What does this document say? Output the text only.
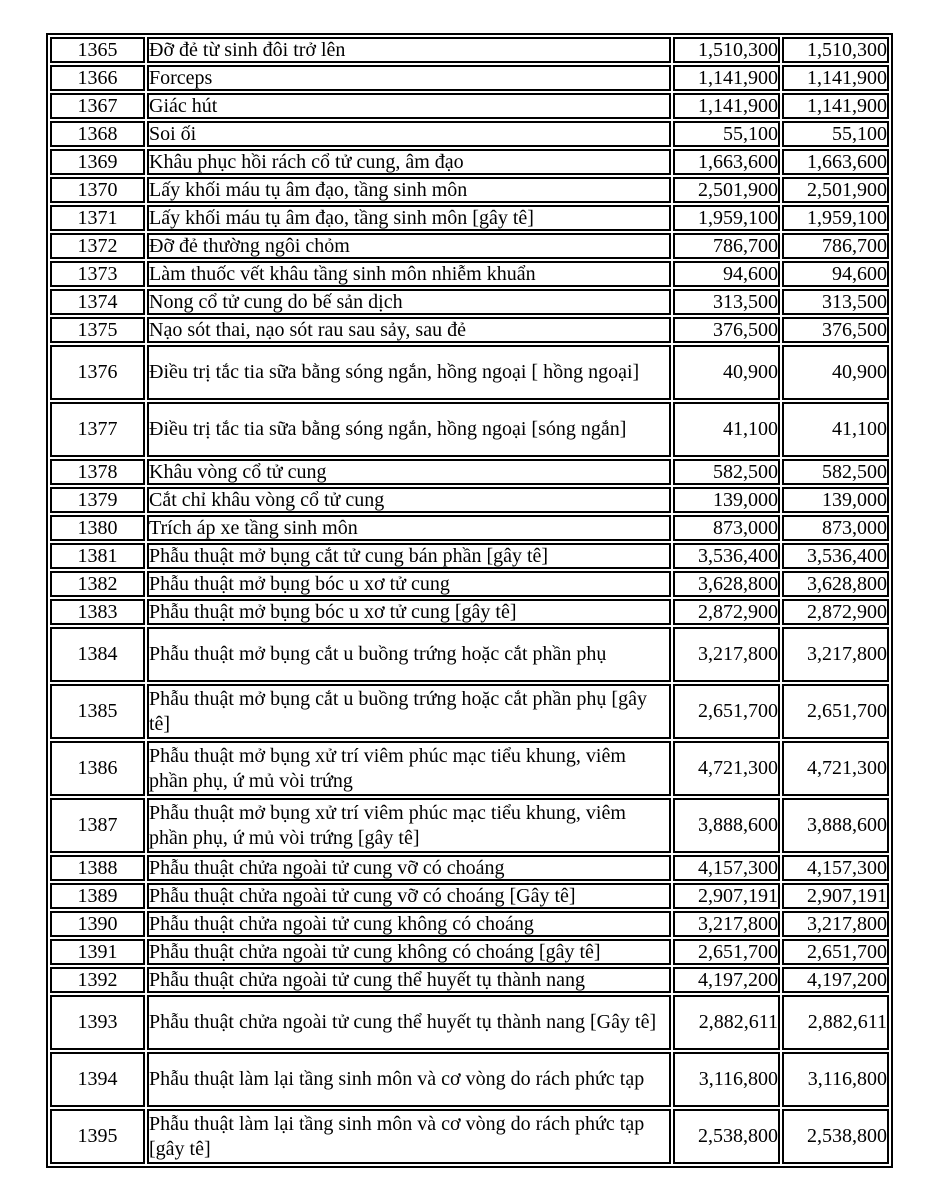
1365	Đỡ đẻ từ sinh đôi trở lên	1,510,300	1,510,300
1366	Forceps	1,141,900	1,141,900
1367	Giác hút	1,141,900	1,141,900
1368	Soi ối	55,100	55,100
1369	Khâu phục hồi rách cổ tử cung, âm đạo	1,663,600	1,663,600
1370	Lấy khối máu tụ âm đạo, tầng sinh môn	2,501,900	2,501,900
1371	Lấy khối máu tụ âm đạo, tầng sinh môn [gây tê]	1,959,100	1,959,100
1372	Đỡ đẻ thường ngôi chỏm	786,700	786,700
1373	Làm thuốc vết khâu tầng sinh môn nhiễm khuẩn	94,600	94,600
1374	Nong cổ tử cung do bế sản dịch	313,500	313,500
1375	Nạo sót thai, nạo sót rau sau sảy, sau đẻ	376,500	376,500
1376	Điều trị tắc tia sữa bằng sóng ngắn, hồng ngoại [ hồng ngoại]	40,900	40,900
1377	Điều trị tắc tia sữa bằng sóng ngắn, hồng ngoại [sóng ngắn]	41,100	41,100
1378	Khâu vòng cổ tử cung	582,500	582,500
1379	Cắt chỉ khâu vòng cổ tử cung	139,000	139,000
1380	Trích áp xe tầng sinh môn	873,000	873,000
1381	Phẫu thuật mở bụng cắt tử cung bán phần [gây tê]	3,536,400	3,536,400
1382	Phẫu thuật mở bụng bóc u xơ tử cung	3,628,800	3,628,800
1383	Phẫu thuật mở bụng bóc u xơ tử cung [gây tê]	2,872,900	2,872,900
1384	Phẫu thuật mở bụng cắt u buồng trứng hoặc cắt phần phụ	3,217,800	3,217,800
1385	Phẫu thuật mở bụng cắt u buồng trứng hoặc cắt phần phụ [gây tê]	2,651,700	2,651,700
1386	Phẫu thuật mở bụng xử trí viêm phúc mạc tiểu khung, viêm phần phụ, ứ mủ vòi trứng	4,721,300	4,721,300
1387	Phẫu thuật mở bụng xử trí viêm phúc mạc tiểu khung, viêm phần phụ, ứ mủ vòi trứng [gây tê]	3,888,600	3,888,600
1388	Phẫu thuật chửa ngoài tử cung vỡ có choáng	4,157,300	4,157,300
1389	Phẫu thuật chửa ngoài tử cung vỡ có choáng [Gây tê]	2,907,191	2,907,191
1390	Phẫu thuật chửa ngoài tử cung không có choáng	3,217,800	3,217,800
1391	Phẫu thuật chửa ngoài tử cung không có choáng [gây tê]	2,651,700	2,651,700
1392	Phẫu thuật chửa ngoài tử cung thể huyết tụ thành nang	4,197,200	4,197,200
1393	Phẫu thuật chửa ngoài tử cung thể huyết tụ thành nang [Gây tê]	2,882,611	2,882,611
1394	Phẫu thuật làm lại tầng sinh môn và cơ vòng do rách phức tạp	3,116,800	3,116,800
1395	Phẫu thuật làm lại tầng sinh môn và cơ vòng do rách phức tạp [gây tê]	2,538,800	2,538,800
